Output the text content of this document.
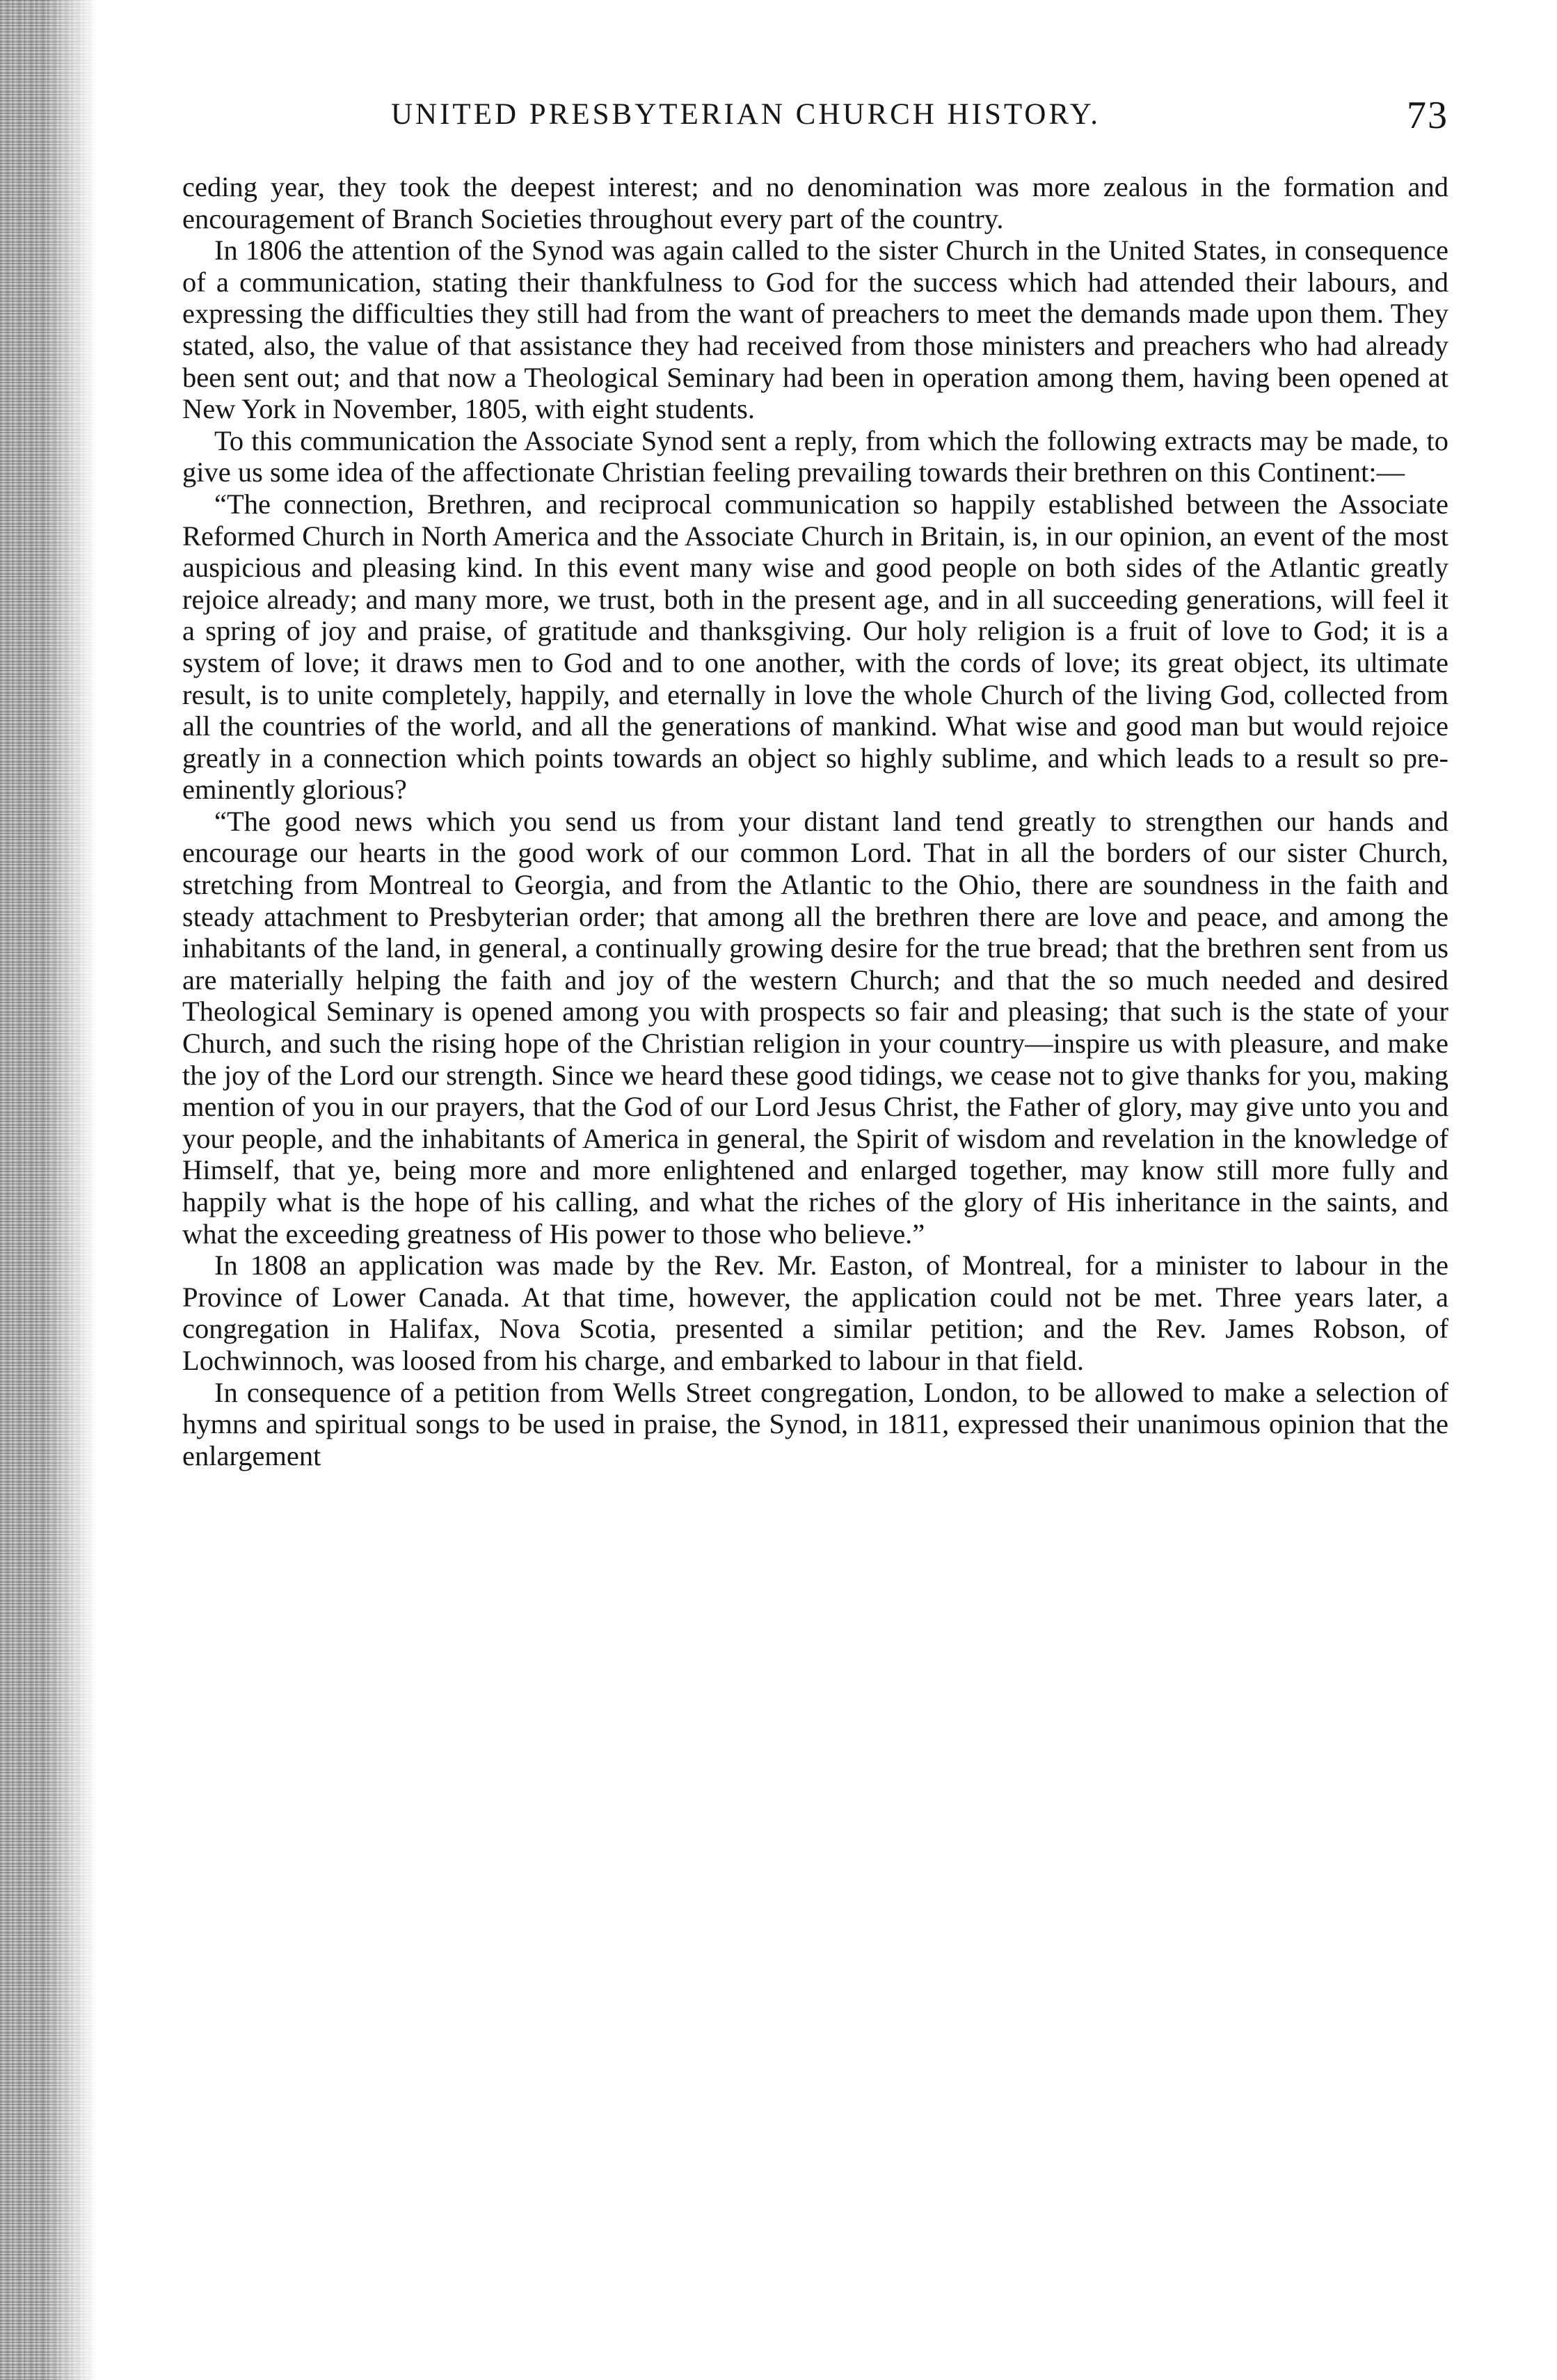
UNITED PRESBYTERIAN CHURCH HISTORY.	73

ceding year, they took the deepest interest; and no denomination was more zealous in the formation and encouragement of Branch Societies throughout every part of the country.

In 1806 the attention of the Synod was again called to the sister Church in the United States, in consequence of a communication, stating their thankfulness to God for the success which had attended their labours, and expressing the difficulties they still had from the want of preachers to meet the demands made upon them. They stated, also, the value of that assistance they had received from those ministers and preachers who had already been sent out; and that now a Theological Seminary had been in operation among them, having been opened at New York in November, 1805, with eight students.

To this communication the Associate Synod sent a reply, from which the following extracts may be made, to give us some idea of the affectionate Christian feeling prevailing towards their brethren on this Continent:—

“The connection, Brethren, and reciprocal communication so happily established between the Associate Reformed Church in North America and the Associate Church in Britain, is, in our opinion, an event of the most auspicious and pleasing kind. In this event many wise and good people on both sides of the Atlantic greatly rejoice already; and many more, we trust, both in the present age, and in all succeeding generations, will feel it a spring of joy and praise, of gratitude and thanksgiving. Our holy religion is a fruit of love to God; it is a system of love; it draws men to God and to one another, with the cords of love; its great object, its ultimate result, is to unite completely, happily, and eternally in love the whole Church of the living God, collected from all the countries of the world, and all the generations of mankind. What wise and good man but would rejoice greatly in a connection which points towards an object so highly sublime, and which leads to a result so pre-eminently glorious?

“The good news which you send us from your distant land tend greatly to strengthen our hands and encourage our hearts in the good work of our common Lord. That in all the borders of our sister Church, stretching from Montreal to Georgia, and from the Atlantic to the Ohio, there are soundness in the faith and steady attachment to Presbyterian order; that among all the brethren there are love and peace, and among the inhabitants of the land, in general, a continually growing desire for the true bread; that the brethren sent from us are materially helping the faith and joy of the western Church; and that the so much needed and desired Theological Seminary is opened among you with prospects so fair and pleasing; that such is the state of your Church, and such the rising hope of the Christian religion in your country—inspire us with pleasure, and make the joy of the Lord our strength. Since we heard these good tidings, we cease not to give thanks for you, making mention of you in our prayers, that the God of our Lord Jesus Christ, the Father of glory, may give unto you and your people, and the inhabitants of America in general, the Spirit of wisdom and revelation in the knowledge of Himself, that ye, being more and more enlightened and enlarged together, may know still more fully and happily what is the hope of his calling, and what the riches of the glory of His inheritance in the saints, and what the exceeding greatness of His power to those who believe.”

In 1808 an application was made by the Rev. Mr. Easton, of Montreal, for a minister to labour in the Province of Lower Canada. At that time, however, the application could not be met. Three years later, a congregation in Halifax, Nova Scotia, presented a similar petition; and the Rev. James Robson, of Lochwinnoch, was loosed from his charge, and embarked to labour in that field.

In consequence of a petition from Wells Street congregation, London, to be allowed to make a selection of hymns and spiritual songs to be used in praise, the Synod, in 1811, expressed their unanimous opinion that the enlargement
